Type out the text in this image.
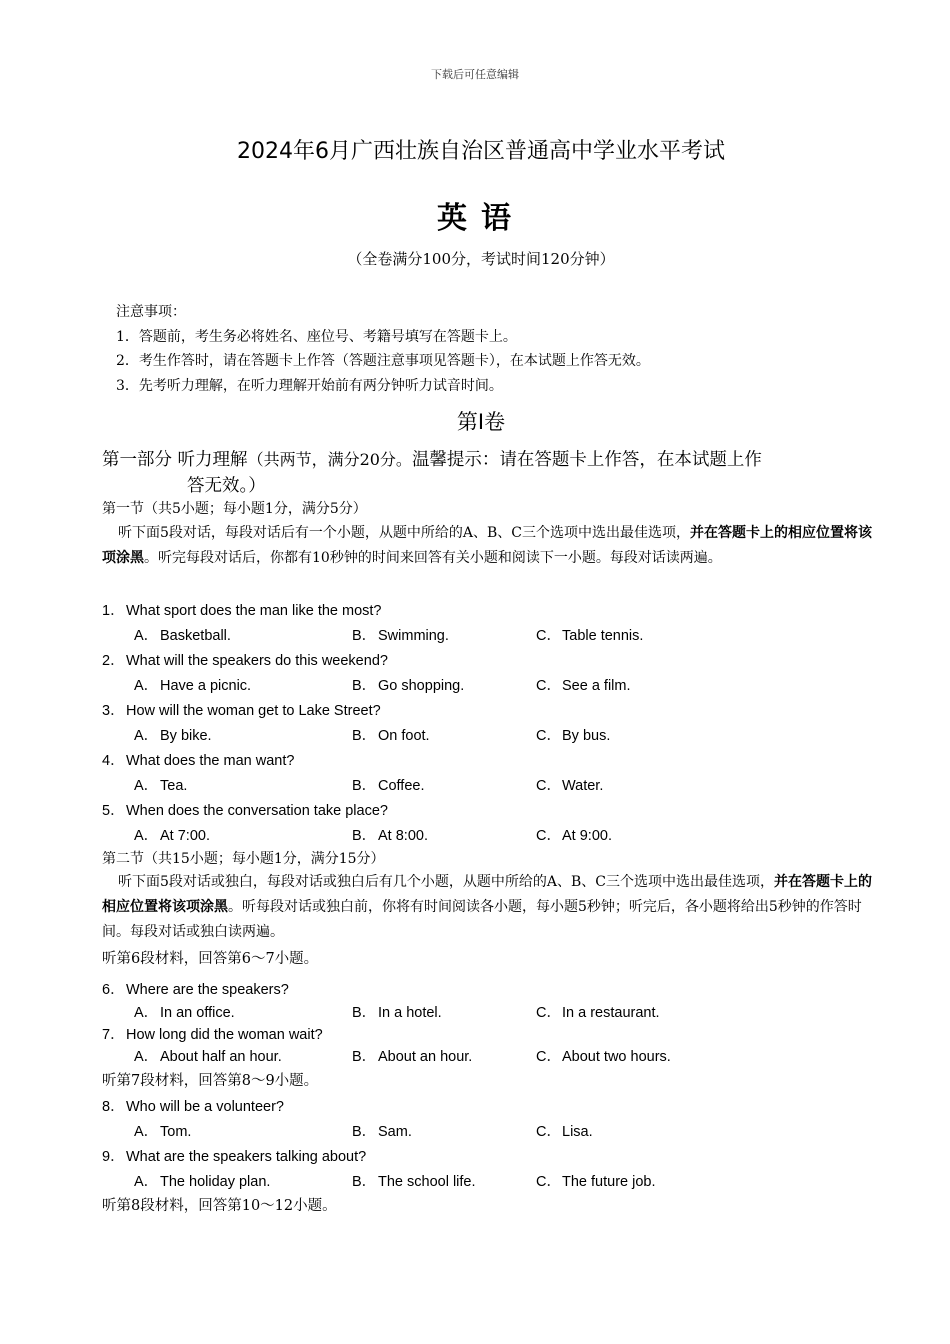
下载后可任意编辑
2024年6月广西壮族自治区普通高中学业水平考试
英语
（全卷满分100分，考试时间120分钟）
注意事项：
1．答题前，考生务必将姓名、座位号、考籍号填写在答题卡上。
2．考生作答时，请在答题卡上作答（答题注意事项见答题卡），在本试题上作答无效。
3．先考听力理解，在听力理解开始前有两分钟听力试音时间。
第I卷
第一部分 听力理解（共两节，满分20分。温馨提示：请在答题卡上作答，在本试题上作
答无效。）
第一节（共5小题；每小题1分，满分5分）
听下面5段对话，每段对话后有一个小题，从题中所给的A、B、C三个选项中选出最佳选项，并在答题卡上的相应位置将该项涂黑。听完每段对话后，你都有10秒钟的时间来回答有关小题和阅读下一小题。每段对话读两遍。
1．What sport does the man like the most?
A． Basketball.	B． Swimming.	C．Table tennis.
2．What will the speakers do this weekend?
A． Have a picnic.	B． Go shopping.	C．See a film.
3．How will the woman get to Lake Street?
A． By bike.	B． On foot.	C．By bus.
4．What does the man want?
A． Tea.	B． Coffee.	C．Water.
5．When does the conversation take place?
A． At 7:00.	B． At 8:00.	C．At 9:00.
第二节（共15小题；每小题1分，满分15分）
听下面5段对话或独白，每段对话或独白后有几个小题，从题中所给的A、B、C三个选项中选出最佳选项，并在答题卡上的相应位置将该项涂黑。听每段对话或独白前，你将有时间阅读各小题，每小题5秒钟；听完后，各小题将给出5秒钟的作答时间。每段对话或独白读两遍。
听第6段材料，回答第6～7小题。
6．Where are the speakers?
A． In an office.	B． In a hotel.	C．In a restaurant.
7．How long did the woman wait?
A． About half an hour.	B． About an hour.	C．About two hours.
听第7段材料，回答第8～9小题。
8．Who will be a volunteer?
A． Tom.	B． Sam.	C．Lisa.
9．What are the speakers talking about?
A． The holiday plan.	B． The school life.	C．The future job.
听第8段材料，回答第10～12小题。
